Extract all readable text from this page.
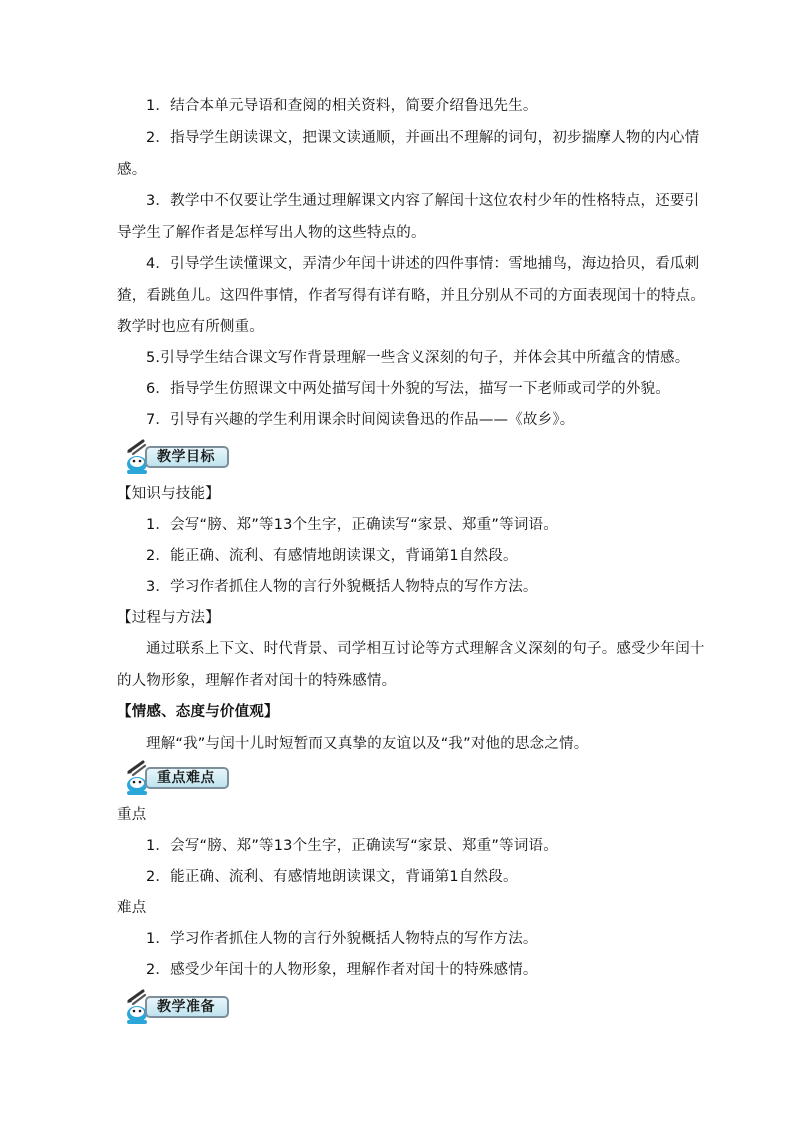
1．结合本单元导语和查阅的相关资料，简要介绍鲁迅先生。

2．指导学生朗读课文，把课文读通顺，并画出不理解的词句，初步揣摩人物的内心情感。

3．教学中不仅要让学生通过理解课文内容了解闰十这位农村少年的性格特点，还要引导学生了解作者是怎样写出人物的这些特点的。

4．引导学生读懂课文，弄清少年闰十讲述的四件事情：雪地捕鸟，海边拾贝，看瓜刺猹，看跳鱼儿。这四件事情，作者写得有详有略，并且分别从不司的方面表现闰十的特点。教学时也应有所侧重。

5.引导学生结合课文写作背景理解一些含义深刻的句子，并体会其中所蕴含的情感。

6．指导学生仿照课文中两处描写闰十外貌的写法，描写一下老师或司学的外貌。

7．引导有兴趣的学生利用课余时间阅读鲁迅的作品——《故乡》。

教学目标

【知识与技能】

1．会写“膀、郑”等13个生字，正确读写“家景、郑重”等词语。

2．能正确、流利、有感情地朗读课文，背诵第1自然段。

3．学习作者抓住人物的言行外貌概括人物特点的写作方法。

【过程与方法】

通过联系上下文、时代背景、司学相互讨论等方式理解含义深刻的句子。感受少年闰十的人物形象，理解作者对闰十的特殊感情。

【情感、态度与价值观】

理解“我”与闰十儿时短暂而又真挚的友谊以及“我”对他的思念之情。

重点难点

重点

1．会写“膀、郑”等13个生字，正确读写“家景、郑重”等词语。

2．能正确、流利、有感情地朗读课文，背诵第1自然段。

难点

1．学习作者抓住人物的言行外貌概括人物特点的写作方法。

2．感受少年闰十的人物形象，理解作者对闰十的特殊感情。

教学准备
